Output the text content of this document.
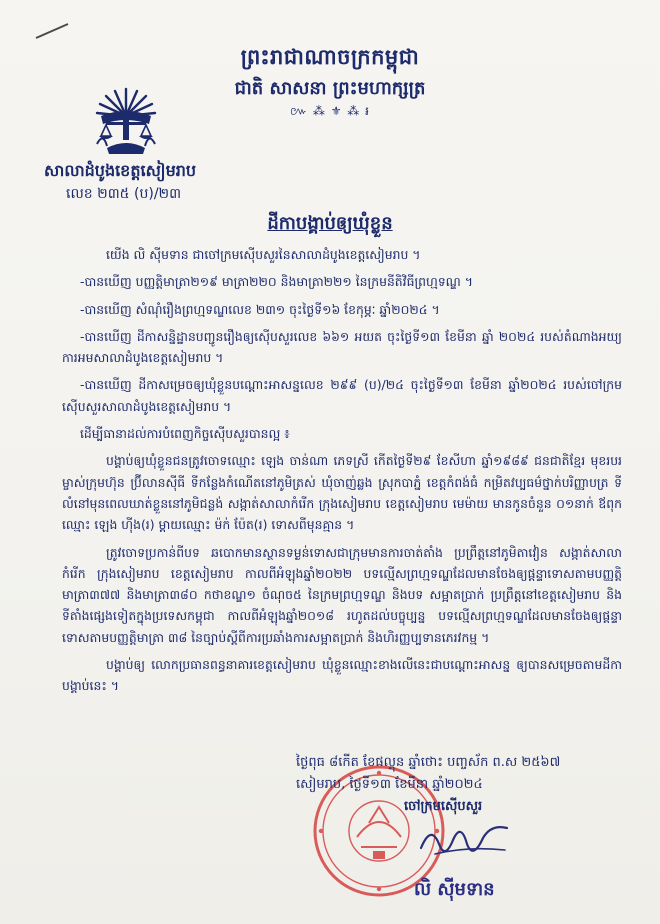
ព្រះរាជាណាចក្រកម្ពុជា
ជាតិ សាសនា ព្រះមហាក្សត្រ
៚ ⁂ ⚜ ⁂ ៛
សាលាដំបូងខេត្តសៀមរាប
លេខ ២៣៥ (ប)/២៣
ដីកាបង្គាប់ឲ្យឃុំខ្លួន

យើង លិ ស៊ីមទាន ជាចៅក្រមស៊ើបសួរនៃសាលាដំបូងខេត្តសៀមរាប ។

-បានឃើញ បញ្ញត្តិមាត្រា២១៩ មាត្រា២២០ និងមាត្រា២២១ នៃក្រមនីតិវិធីព្រហ្មទណ្ឌ ។

-បានឃើញ សំណុំរឿងព្រហ្មទណ្ឌលេខ ២៣១ ចុះថ្ងៃទី១៦ ខែកុម្ភៈ ឆ្នាំ២០២៤ ។

-បានឃើញ ដីកាសន្និដ្ឋានបញ្ជូនរឿងឲ្យស៊ើបសួរលេខ ៦៦១ អយត ចុះថ្ងៃទី១៣ ខែមីនា ឆ្នាំ ២០២៤ របស់តំណាងអយ្យការអមសាលាដំបូងខេត្តសៀមរាប ។

-បានឃើញ ដីកាសម្រេចឲ្យឃុំខ្លួនបណ្ដោះអាសន្នលេខ ២៩៩ (ប)/២៤ ចុះថ្ងៃទី១៣ ខែមីនា ឆ្នាំ២០២៤ របស់ចៅក្រមស៊ើបសួរសាលាដំបូងខេត្តសៀមរាប ។

ដើម្បីធានាដល់ការបំពេញកិច្ចស៊ើបសួរបានល្អ ៖

បង្គាប់ឲ្យឃុំខ្លួនជនត្រូវចោទឈ្មោះ ឡេង ចាន់ណា ភេទស្រី កើតថ្ងៃទី២៩ ខែសីហា ឆ្នាំ១៩៨៩ ជនជាតិខ្មែរ មុខរបរ ម្ចាស់ក្រុមហ៊ុន ប្រ៊ីលានស៊ីធី ទីកន្លែងកំណើតនៅភូមិត្រស់ ឃុំចាញ់ឆ្លង ស្រុកបាភ្នំ ខេត្តកំពង់ធំ កម្រិតវប្បធម៌ថ្នាក់បរិញ្ញាបត្រ ទីលំនៅមុនពេលឃាត់ខ្លួននៅភូមិជន្លង់ សង្កាត់សាលាកំរើក ក្រុងសៀមរាប ខេត្តសៀមរាប មេម៉ាយ មានកូនចំនួន ០១នាក់ ឪពុកឈ្មោះ ឡេង ហ៊ីង(រ) ម្ដាយឈ្មោះ ម៉ក់ ប៉ែត(រ) ទោសពីមុនគ្មាន ។

ត្រូវចោទប្រកាន់ពីបទ ឆបោកមានស្ថានទម្ងន់ទោសជាក្រុមមានការចាត់តាំង ប្រព្រឹត្តនៅភូមិតាវៀន សង្កាត់សាលាកំរើក ក្រុងសៀមរាប ខេត្តសៀមរាប កាលពីអំឡុងឆ្នាំ២០២២ បទល្មើសព្រហ្មទណ្ឌដែលមានចែងឲ្យផ្ដន្ទាទោសតាមបញ្ញត្តិមាត្រា៣៧៧ និងមាត្រា៣៨០ កថាខណ្ឌ១ ចំណុច៥ នៃក្រមព្រហ្មទណ្ឌ និងបទ សម្អាតប្រាក់ ប្រព្រឹត្តនៅខេត្តសៀមរាប និងទីតាំងផ្សេងទៀតក្នុងប្រទេសកម្ពុជា កាលពីអំឡុងឆ្នាំ២០១៨ រហូតដល់បច្ចុប្បន្ន បទល្មើសព្រហ្មទណ្ឌដែលមានចែងឲ្យផ្ដន្ទាទោសតាមបញ្ញត្តិមាត្រា ៣៨ នៃច្បាប់ស្ដីពីការប្រឆាំងការសម្អាតប្រាក់ និងហិរញ្ញប្បទានភេរវកម្ម ។

បង្គាប់ឲ្យ លោកប្រធានពន្ធនាគារខេត្តសៀមរាប ឃុំខ្លួនឈ្មោះខាងលើនេះជាបណ្ដោះអាសន្ន ឲ្យបានសម្រេចតាមដីកាបង្គាប់នេះ ។

ថ្ងៃពុធ ៨កើត ខែផល្គុន ឆ្នាំថោះ បញ្ចស័ក ព.ស ២៥៦៧
សៀមរាប, ថ្ងៃទី១៣ ខែមីនា ឆ្នាំ២០២៤
ចៅក្រមស៊ើបសួរ
លិ ស៊ីមទាន
